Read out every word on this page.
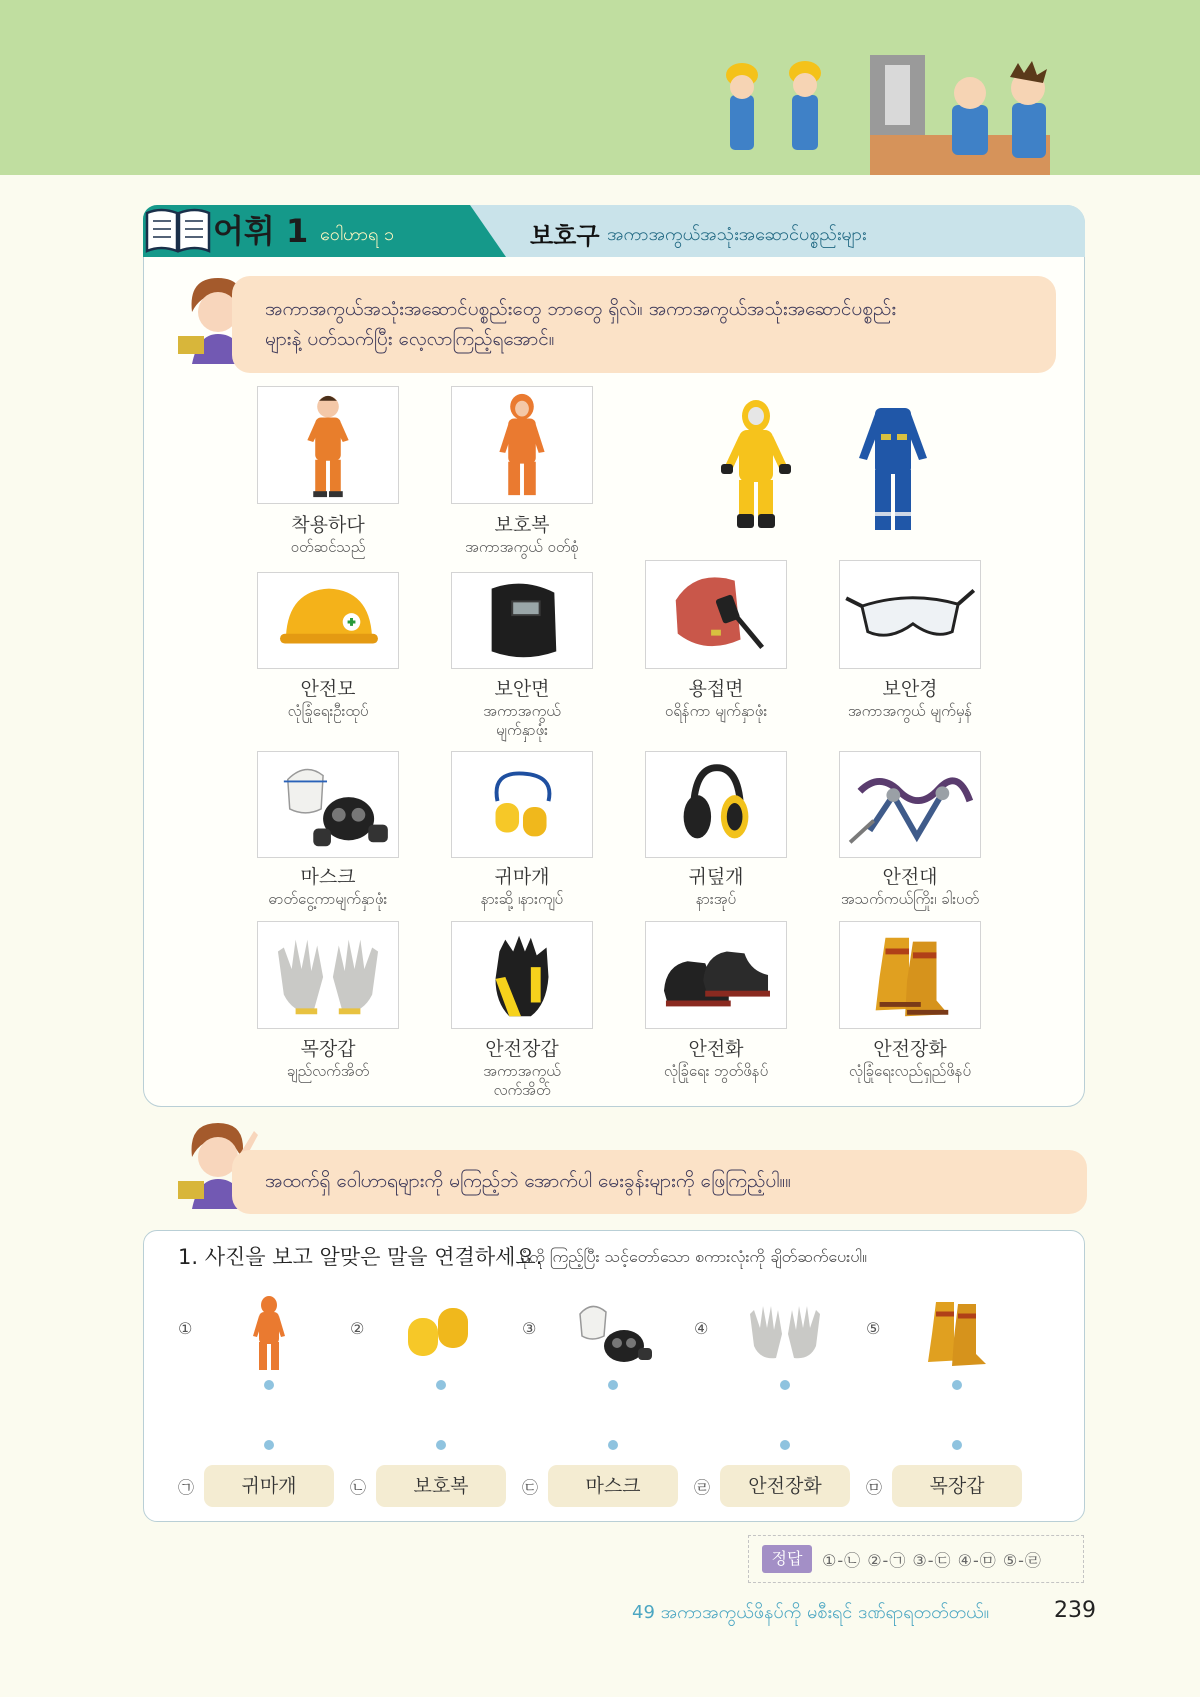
어휘 1 ဝေါဟာရ ၁	보호구 အကာအကွယ်အသုံးအဆောင်ပစ္စည်းများ
အကာအကွယ်အသုံးအဆောင်ပစ္စည်းတွေ ဘာတွေ ရှိလဲ။ အကာအကွယ်အသုံးအဆောင်ပစ္စည်း
များနဲ့ ပတ်သက်ပြီး လေ့လာကြည့်ရအောင်။
착용하다
ဝတ်ဆင်သည်
보호복
အကာအကွယ် ဝတ်စုံ
안전모
လုံခြုံရေးဦးထုပ်
보안면
အကာအကွယ် မျက်နှာဖုံး
용접면
ဝရိန်ကာ မျက်နှာဖုံး
보안경
အကာအကွယ် မျက်မှန်
마스크
ဓာတ်ငွေ့ကာမျက်နှာဖုံး
귀마개
နားဆို့ ၊နားကျပ်
귀덮개
နားအုပ်
안전대
အသက်ကယ်ကြိုး၊ ခါးပတ်
목장갑
ချည်လက်အိတ်
안전장갑
အကာအကွယ် လက်အိတ်
안전화
လုံခြုံရေး ဘွတ်ဖိနပ်
안전장화
လုံခြုံရေးလည်ရှည်ဖိနပ်
အထက်ရှိ ဝေါဟာရများကို မကြည့်ဘဲ အောက်ပါ မေးခွန်းများကို ဖြေကြည့်ပါ။။
1. 사진을 보고 알맞은 말을 연결하세요.
ပုံကို ကြည့်ပြီး သင့်တော်သော စကားလုံးကို ချိတ်ဆက်ပေးပါ။
①	②	③	④	⑤
㉠	㉡	㉢	㉣	㉤
귀마개	보호복	마스크	안전장화	목장갑
정답	①-㉡ ②-㉠ ③-㉢ ④-㉤ ⑤-㉣
49 အကာအကွယ်ဖိနပ်ကို မစီးရင် ဒဏ်ရာရတတ်တယ်။	239
